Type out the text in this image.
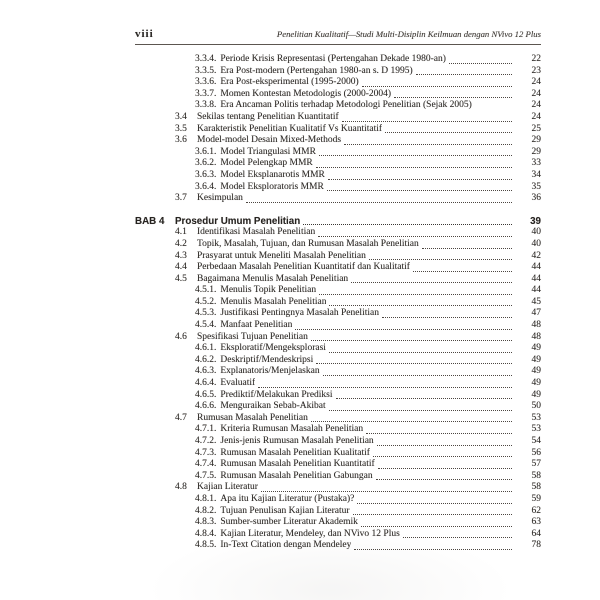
viii	Penelitian Kualitatif—Studi Multi-Disiplin Keilmuan dengan NVivo 12 Plus
3.3.4. Periode Krisis Representasi (Pertengahan Dekade 1980-an)	22
3.3.5. Era Post-modern (Pertengahan 1980-an s. D 1995)	23
3.3.6. Era Post-eksperimental (1995-2000)	24
3.3.7. Momen Kontestan Metodologis (2000-2004)	24
3.3.8. Era Ancaman Politis terhadap Metodologi Penelitian (Sejak 2005)	24
3.4	Sekilas tentang Penelitian Kuantitatif	24
3.5	Karakteristik Penelitian Kualitatif Vs Kuantitatif	25
3.6	Model-model Desain Mixed-Methods	29
3.6.1. Model Triangulasi MMR	29
3.6.2. Model Pelengkap MMR	33
3.6.3. Model Eksplanarotis MMR	34
3.6.4. Model Eksploratoris MMR	35
3.7	Kesimpulan	36
BAB 4	Prosedur Umum Penelitian	39
4.1	Identifikasi Masalah Penelitian	40
4.2	Topik, Masalah, Tujuan, dan Rumusan Masalah Penelitian	40
4.3	Prasyarat untuk Meneliti Masalah Penelitian	42
4.4	Perbedaan Masalah Penelitian Kuantitatif dan Kualitatif	44
4.5	Bagaimana Menulis Masalah Penelitian	44
4.5.1. Menulis Topik Penelitian	44
4.5.2. Menulis Masalah Penelitian	45
4.5.3. Justifikasi Pentingnya Masalah Penelitian	47
4.5.4. Manfaat Penelitian	48
4.6	Spesifikasi Tujuan Penelitian	48
4.6.1. Eksploratif/Mengeksplorasi	49
4.6.2. Deskriptif/Mendeskripsi	49
4.6.3. Explanatoris/Menjelaskan	49
4.6.4. Evaluatif	49
4.6.5. Prediktif/Melakukan Prediksi	49
4.6.6. Menguraikan Sebab-Akibat	50
4.7	Rumusan Masalah Penelitian	53
4.7.1. Kriteria Rumusan Masalah Penelitian	53
4.7.2. Jenis-jenis Rumusan Masalah Penelitian	54
4.7.3. Rumusan Masalah Penelitian Kualitatif	56
4.7.4. Rumusan Masalah Penelitian Kuantitatif	57
4.7.5. Rumusan Masalah Penelitian Gabungan	58
4.8	Kajian Literatur	58
4.8.1. Apa itu Kajian Literatur (Pustaka)?	59
4.8.2. Tujuan Penulisan Kajian Literatur	62
4.8.3. Sumber-sumber Literatur Akademik	63
4.8.4. Kajian Literatur, Mendeley, dan NVivo 12 Plus	64
4.8.5. In-Text Citation dengan Mendeley	78
